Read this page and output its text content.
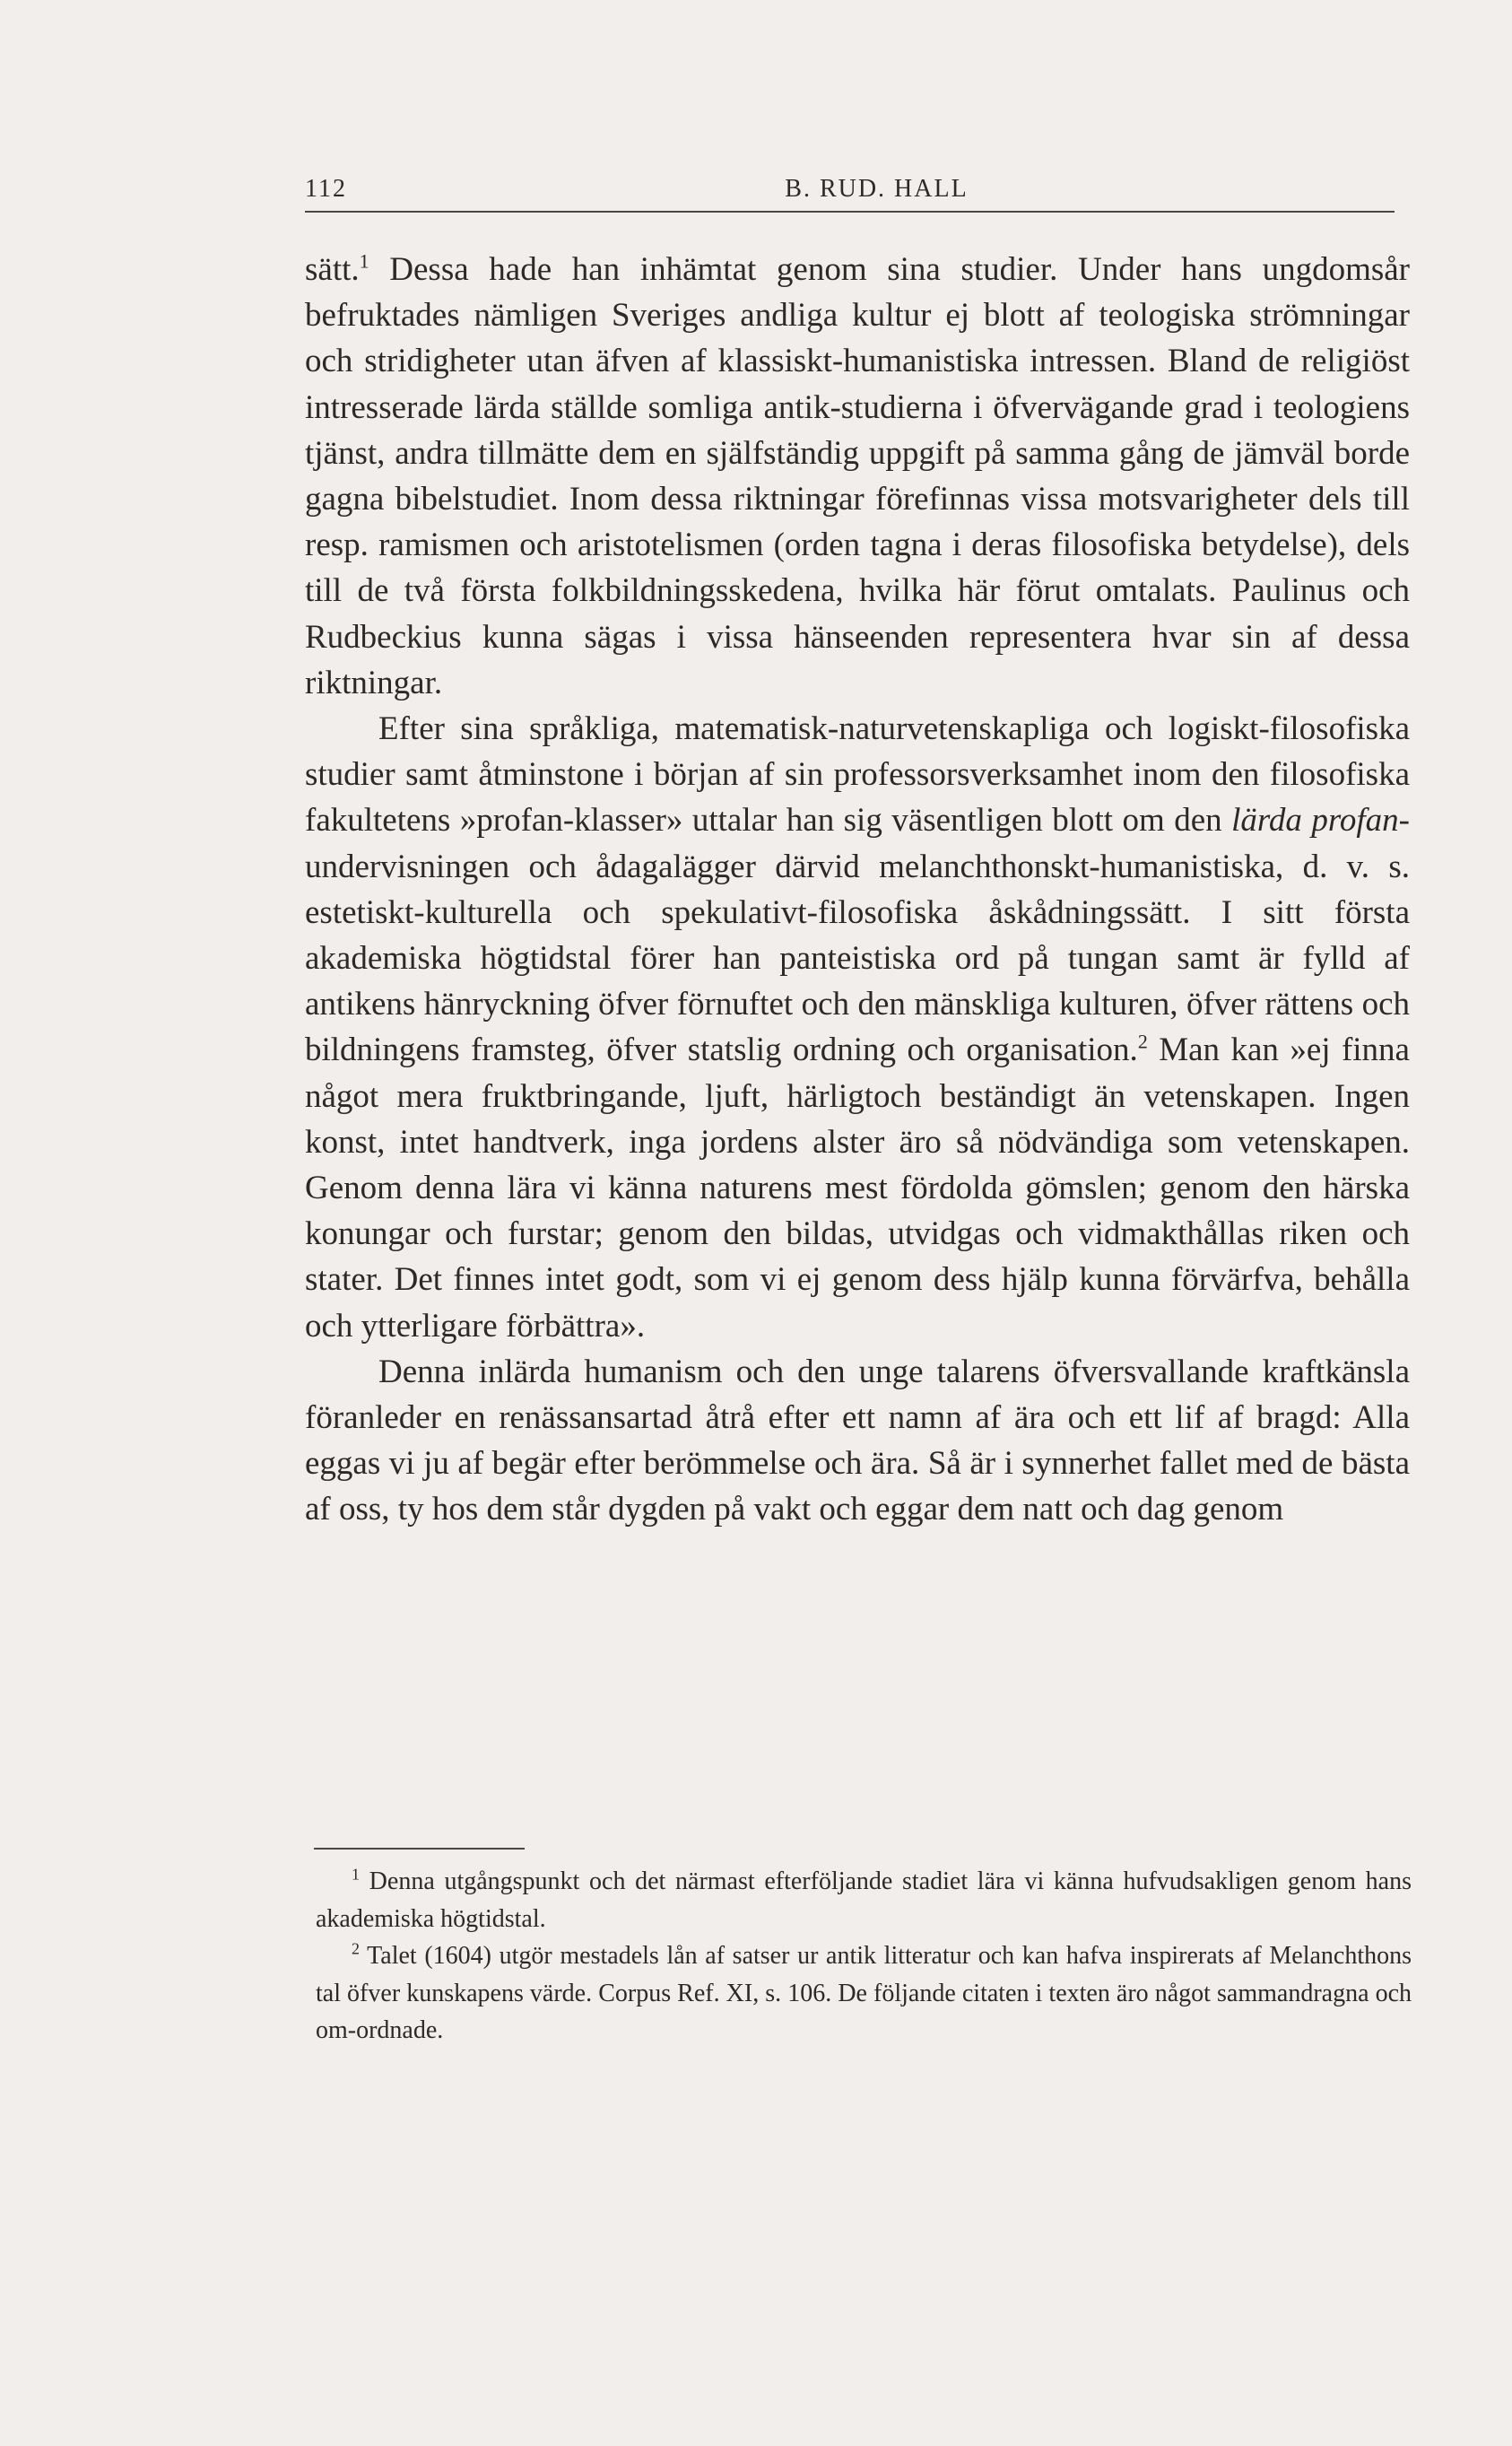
112	B. RUD. HALL

sätt.$^1$ Dessa hade han inhämtat genom sina studier. Under hans ungdomsår befruktades nämligen Sveriges andliga kultur ej blott af teologiska strömningar och stridigheter utan äfven af klassiskt-humanistiska intressen. Bland de religiöst intresserade lärda ställde somliga antik-studierna i öfvervägande grad i teologiens tjänst, andra tillmätte dem en själfständig uppgift på samma gång de jämväl borde gagna bibelstudiet. Inom dessa riktningar förefinnas vissa motsvarigheter dels till resp. ramismen och aristotelismen (orden tagna i deras filosofiska betydelse), dels till de två första folkbildningsskedena, hvilka här förut omtalats. Paulinus och Rudbeckius kunna sägas i vissa hänseenden representera hvar sin af dessa riktningar.

Efter sina språkliga, matematisk-naturvetenskapliga och logiskt-filosofiska studier samt åtminstone i början af sin professorsverksamhet inom den filosofiska fakultetens »profan-klasser» uttalar han sig väsentligen blott om den lärda profan-undervisningen och ådagalägger därvid melanchthonskt-humanistiska, d. v. s. estetiskt-kulturella och spekulativt-filosofiska åskådningssätt. I sitt första akademiska högtidstal förer han panteistiska ord på tungan samt är fylld af antikens hänryckning öfver förnuftet och den mänskliga kulturen, öfver rättens och bildningens framsteg, öfver statslig ordning och organisation.$^2$ Man kan »ej finna något mera fruktbringande, ljuft, härligtoch beständigt än vetenskapen. Ingen konst, intet handtverk, inga jordens alster äro så nödvändiga som vetenskapen. Genom denna lära vi känna naturens mest fördolda gömslen; genom den härska konungar och furstar; genom den bildas, utvidgas och vidmakthållas riken och stater. Det finnes intet godt, som vi ej genom dess hjälp kunna förvärfva, behålla och ytterligare förbättra».

Denna inlärda humanism och den unge talarens öfversvallande kraftkänsla föranleder en renässansartad åtrå efter ett namn af ära och ett lif af bragd: Alla eggas vi ju af begär efter berömmelse och ära. Så är i synnerhet fallet med de bästa af oss, ty hos dem står dygden på vakt och eggar dem natt och dag genom

$^1$ Denna utgångspunkt och det närmast efterföljande stadiet lära vi känna hufvudsakligen genom hans akademiska högtidstal.

$^2$ Talet (1604) utgör mestadels lån af satser ur antik litteratur och kan hafva inspirerats af Melanchthons tal öfver kunskapens värde. Corpus Ref. XI, s. 106. De följande citaten i texten äro något sammandragna och om-ordnade.
